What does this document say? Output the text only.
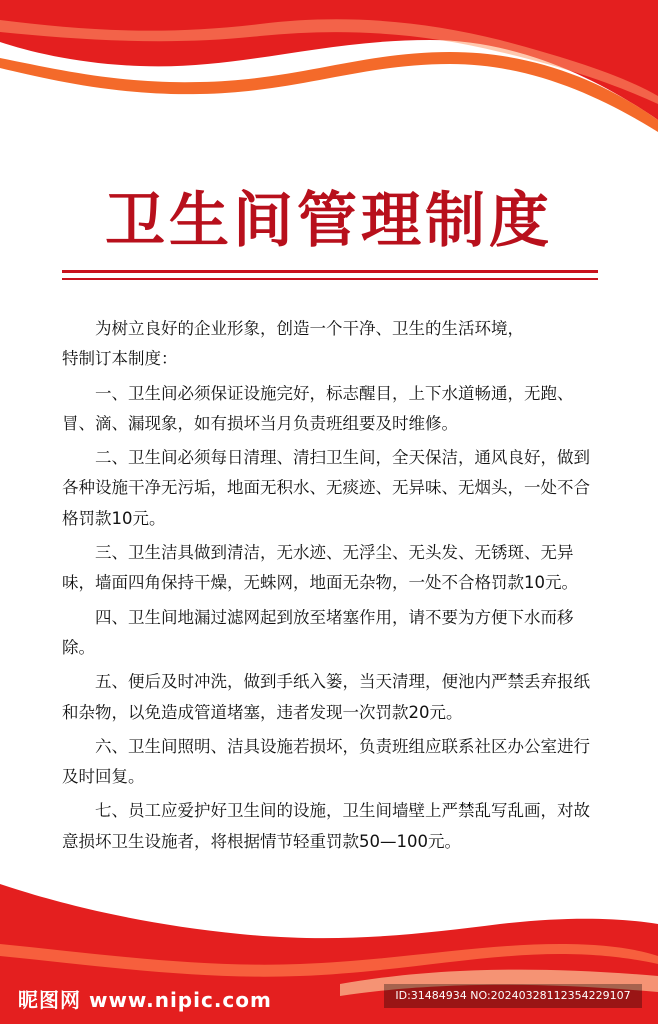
卫生间管理制度

为树立良好的企业形象，创造一个干净、卫生的生活环境，

特制订本制度：

一、卫生间必须保证设施完好，标志醒目，上下水道畅通，无跑、冒、滴、漏现象，如有损坏当月负责班组要及时维修。

二、卫生间必须每日清理、清扫卫生间，全天保洁，通风良好，做到各种设施干净无污垢，地面无积水、无痰迹、无异味、无烟头，一处不合格罚款10元。

三、卫生洁具做到清洁，无水迹、无浮尘、无头发、无锈斑、无异味，墙面四角保持干燥，无蛛网，地面无杂物，一处不合格罚款10元。

四、卫生间地漏过滤网起到放至堵塞作用，请不要为方便下水而移除。

五、便后及时冲洗，做到手纸入篓，当天清理，便池内严禁丢弃报纸和杂物，以免造成管道堵塞，违者发现一次罚款20元。

六、卫生间照明、洁具设施若损坏，负责班组应联系社区办公室进行及时回复。

七、员工应爱护好卫生间的设施，卫生间墙壁上严禁乱写乱画，对故意损坏卫生设施者，将根据情节轻重罚款50—100元。

昵图网 www.nipic.com	ID:31484934 NO:20240328112354229107
